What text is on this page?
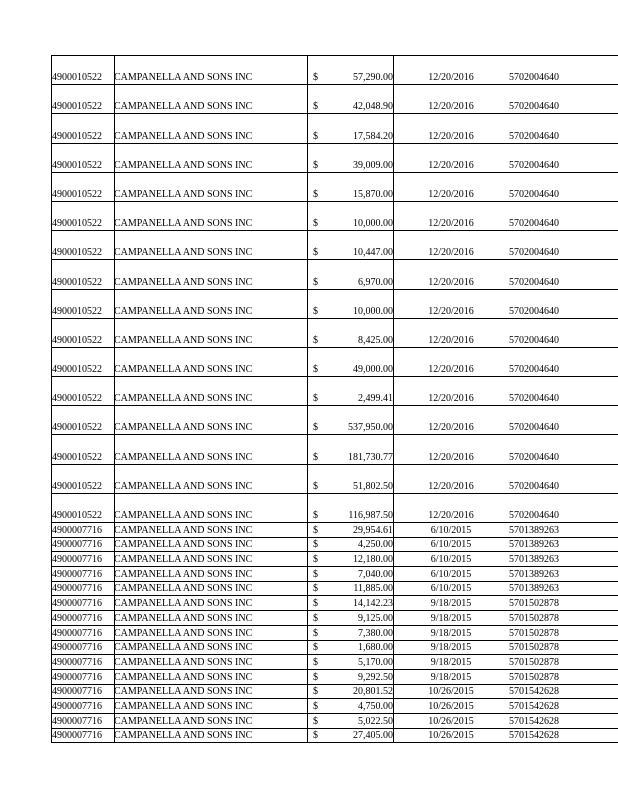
4900010522	CAMPANELLA AND SONS INC	$	57,290.00	12/20/2016	5702004640
4900010522	CAMPANELLA AND SONS INC	$	42,048.90	12/20/2016	5702004640
4900010522	CAMPANELLA AND SONS INC	$	17,584.20	12/20/2016	5702004640
4900010522	CAMPANELLA AND SONS INC	$	39,009.00	12/20/2016	5702004640
4900010522	CAMPANELLA AND SONS INC	$	15,870.00	12/20/2016	5702004640
4900010522	CAMPANELLA AND SONS INC	$	10,000.00	12/20/2016	5702004640
4900010522	CAMPANELLA AND SONS INC	$	10,447.00	12/20/2016	5702004640
4900010522	CAMPANELLA AND SONS INC	$	6,970.00	12/20/2016	5702004640
4900010522	CAMPANELLA AND SONS INC	$	10,000.00	12/20/2016	5702004640
4900010522	CAMPANELLA AND SONS INC	$	8,425.00	12/20/2016	5702004640
4900010522	CAMPANELLA AND SONS INC	$	49,000.00	12/20/2016	5702004640
4900010522	CAMPANELLA AND SONS INC	$	2,499.41	12/20/2016	5702004640
4900010522	CAMPANELLA AND SONS INC	$	537,950.00	12/20/2016	5702004640
4900010522	CAMPANELLA AND SONS INC	$	181,730.77	12/20/2016	5702004640
4900010522	CAMPANELLA AND SONS INC	$	51,802.50	12/20/2016	5702004640
4900010522	CAMPANELLA AND SONS INC	$	116,987.50	12/20/2016	5702004640
4900007716	CAMPANELLA AND SONS INC	$	29,954.61	6/10/2015	5701389263
4900007716	CAMPANELLA AND SONS INC	$	4,250.00	6/10/2015	5701389263
4900007716	CAMPANELLA AND SONS INC	$	12,180.00	6/10/2015	5701389263
4900007716	CAMPANELLA AND SONS INC	$	7,040.00	6/10/2015	5701389263
4900007716	CAMPANELLA AND SONS INC	$	11,885.00	6/10/2015	5701389263
4900007716	CAMPANELLA AND SONS INC	$	14,142.23	9/18/2015	5701502878
4900007716	CAMPANELLA AND SONS INC	$	9,125.00	9/18/2015	5701502878
4900007716	CAMPANELLA AND SONS INC	$	7,380.00	9/18/2015	5701502878
4900007716	CAMPANELLA AND SONS INC	$	1,680.00	9/18/2015	5701502878
4900007716	CAMPANELLA AND SONS INC	$	5,170.00	9/18/2015	5701502878
4900007716	CAMPANELLA AND SONS INC	$	9,292.50	9/18/2015	5701502878
4900007716	CAMPANELLA AND SONS INC	$	20,801.52	10/26/2015	5701542628
4900007716	CAMPANELLA AND SONS INC	$	4,750.00	10/26/2015	5701542628
4900007716	CAMPANELLA AND SONS INC	$	5,022.50	10/26/2015	5701542628
4900007716	CAMPANELLA AND SONS INC	$	27,405.00	10/26/2015	5701542628
